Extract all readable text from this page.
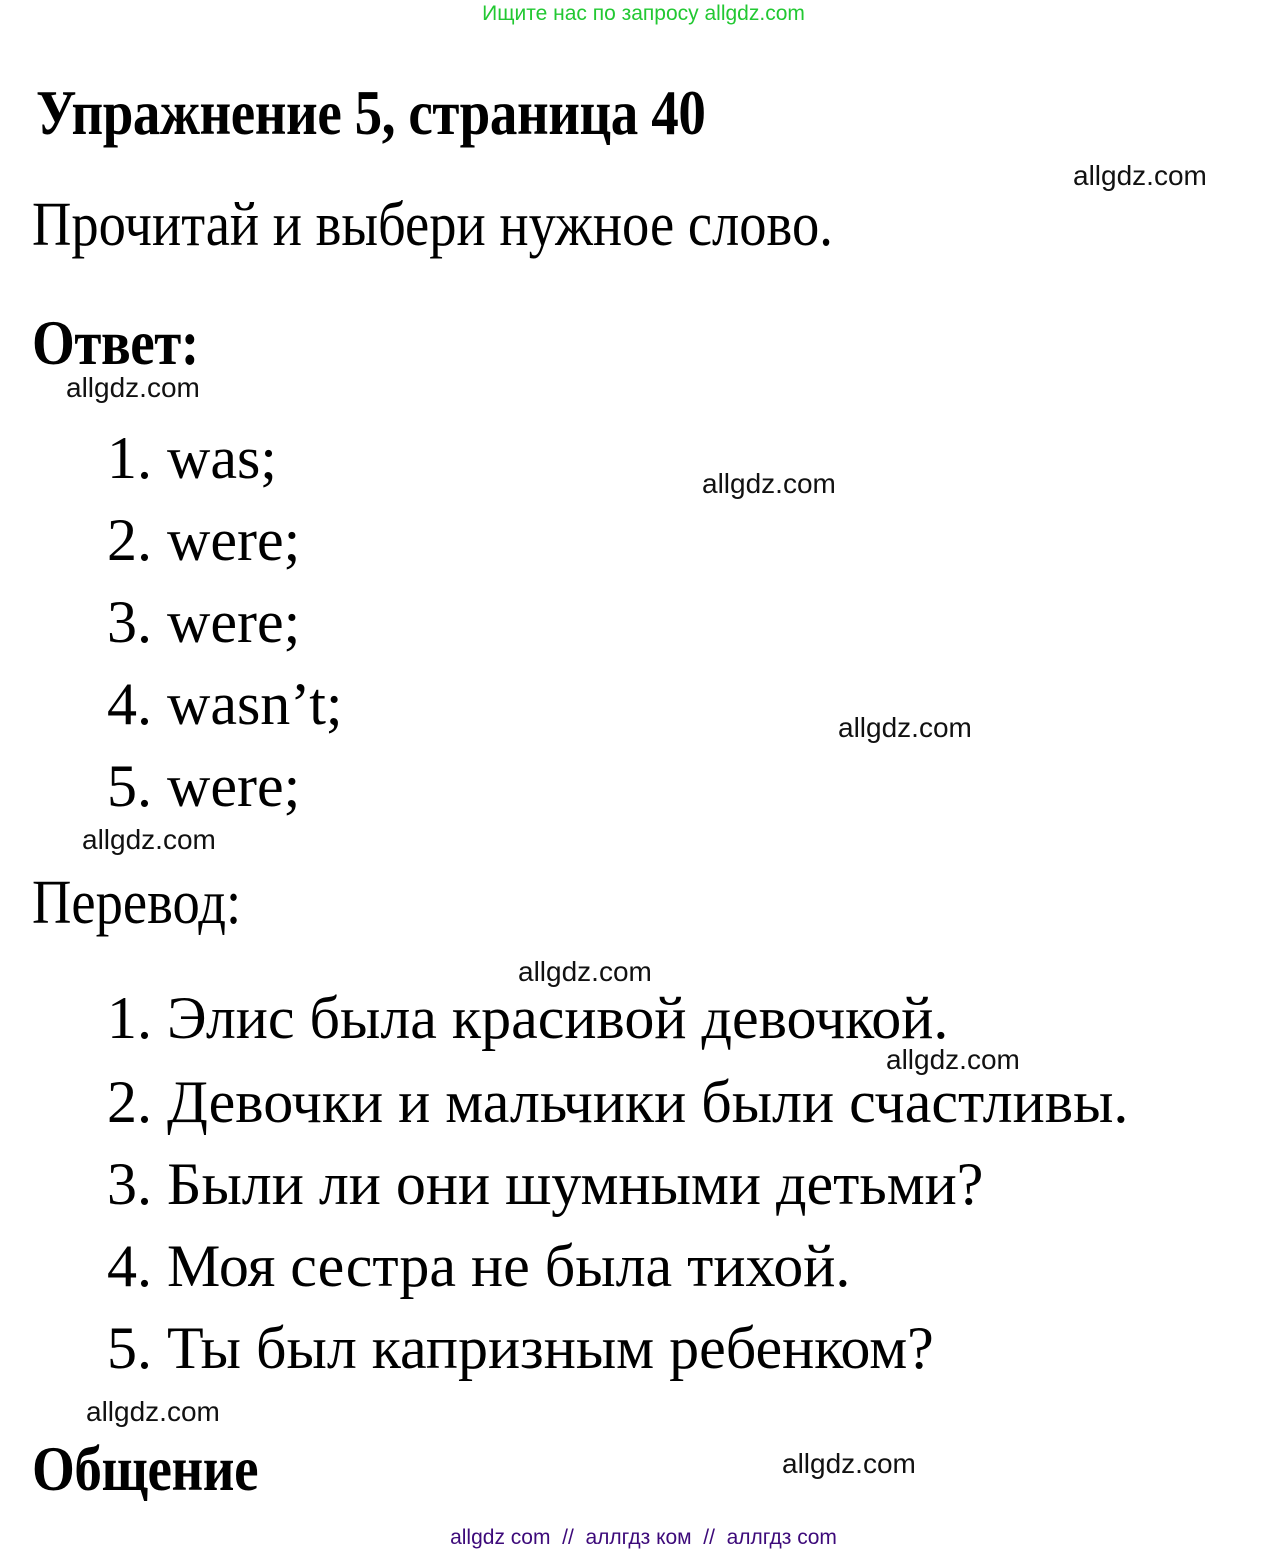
Ищите нас по запросу allgdz.com
Упражнение 5, страница 40
allgdz.com
Прочитай и выбери нужное слово.
Ответ:
allgdz.com
1. was;
2. were;
3. were;
4. wasn’t;
5. were;
allgdz.com
allgdz.com
allgdz.com
Перевод:
allgdz.com
1. Элис была красивой девочкой.
2. Девочки и мальчики были счастливы.
3. Были ли они шумными детьми?
4. Моя сестра не была тихой.
5. Ты был капризным ребенком?
allgdz.com
allgdz.com
Общение	allgdz.com
allgdz com  //  аллгдз ком  //  аллгдз com
